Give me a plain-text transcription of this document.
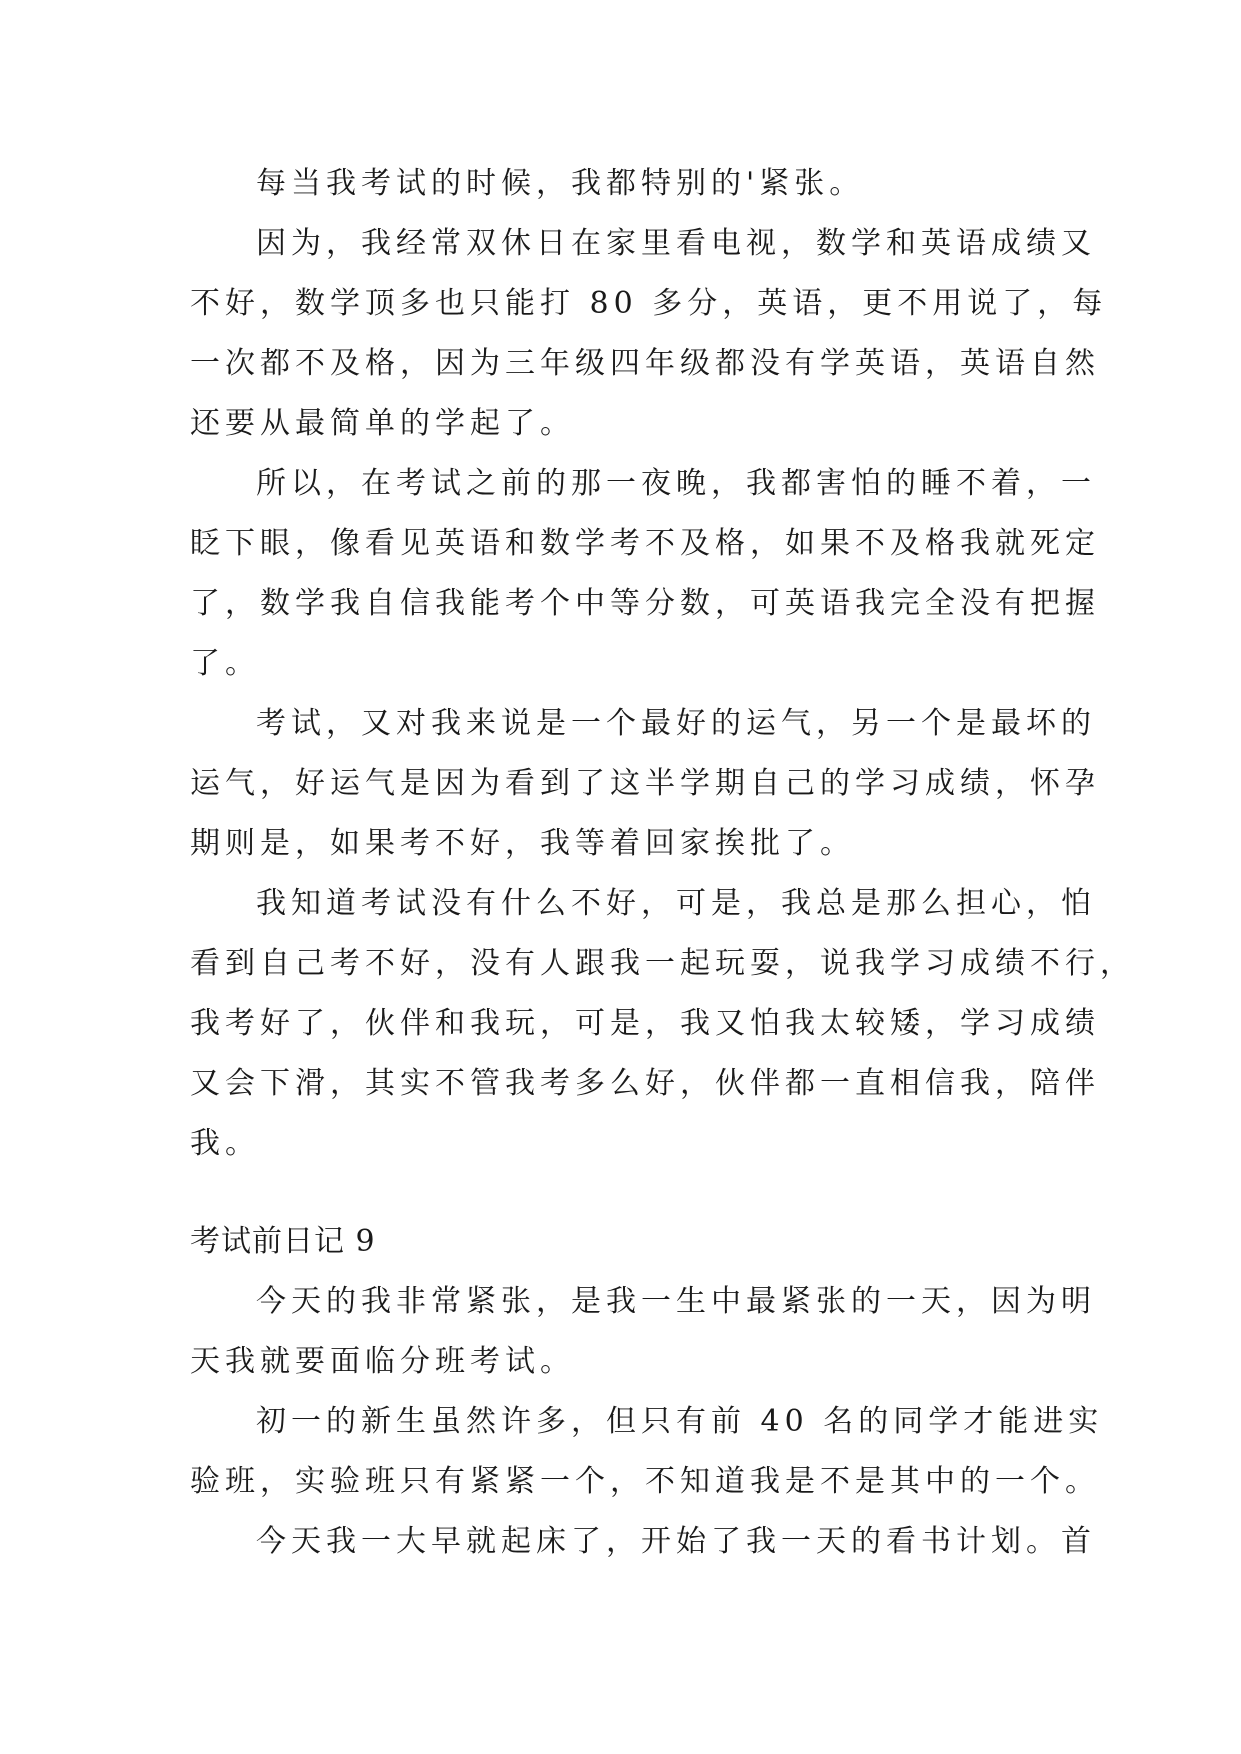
每当我考试的时候，我都特别的'紧张。
因为，我经常双休日在家里看电视，数学和英语成绩又
不好，数学顶多也只能打 80 多分，英语，更不用说了，每
一次都不及格，因为三年级四年级都没有学英语，英语自然
还要从最简单的学起了。
所以，在考试之前的那一夜晚，我都害怕的睡不着，一
眨下眼，像看见英语和数学考不及格，如果不及格我就死定
了，数学我自信我能考个中等分数，可英语我完全没有把握
了。
考试，又对我来说是一个最好的运气，另一个是最坏的
运气，好运气是因为看到了这半学期自己的学习成绩，怀孕
期则是，如果考不好，我等着回家挨批了。
我知道考试没有什么不好，可是，我总是那么担心，怕
看到自己考不好，没有人跟我一起玩耍，说我学习成绩不行，
我考好了，伙伴和我玩，可是，我又怕我太较矮，学习成绩
又会下滑，其实不管我考多么好，伙伴都一直相信我，陪伴
我。
考试前日记 9
今天的我非常紧张，是我一生中最紧张的一天，因为明
天我就要面临分班考试。
初一的新生虽然许多，但只有前 40 名的同学才能进实
验班，实验班只有紧紧一个，不知道我是不是其中的一个。
今天我一大早就起床了，开始了我一天的看书计划。首
